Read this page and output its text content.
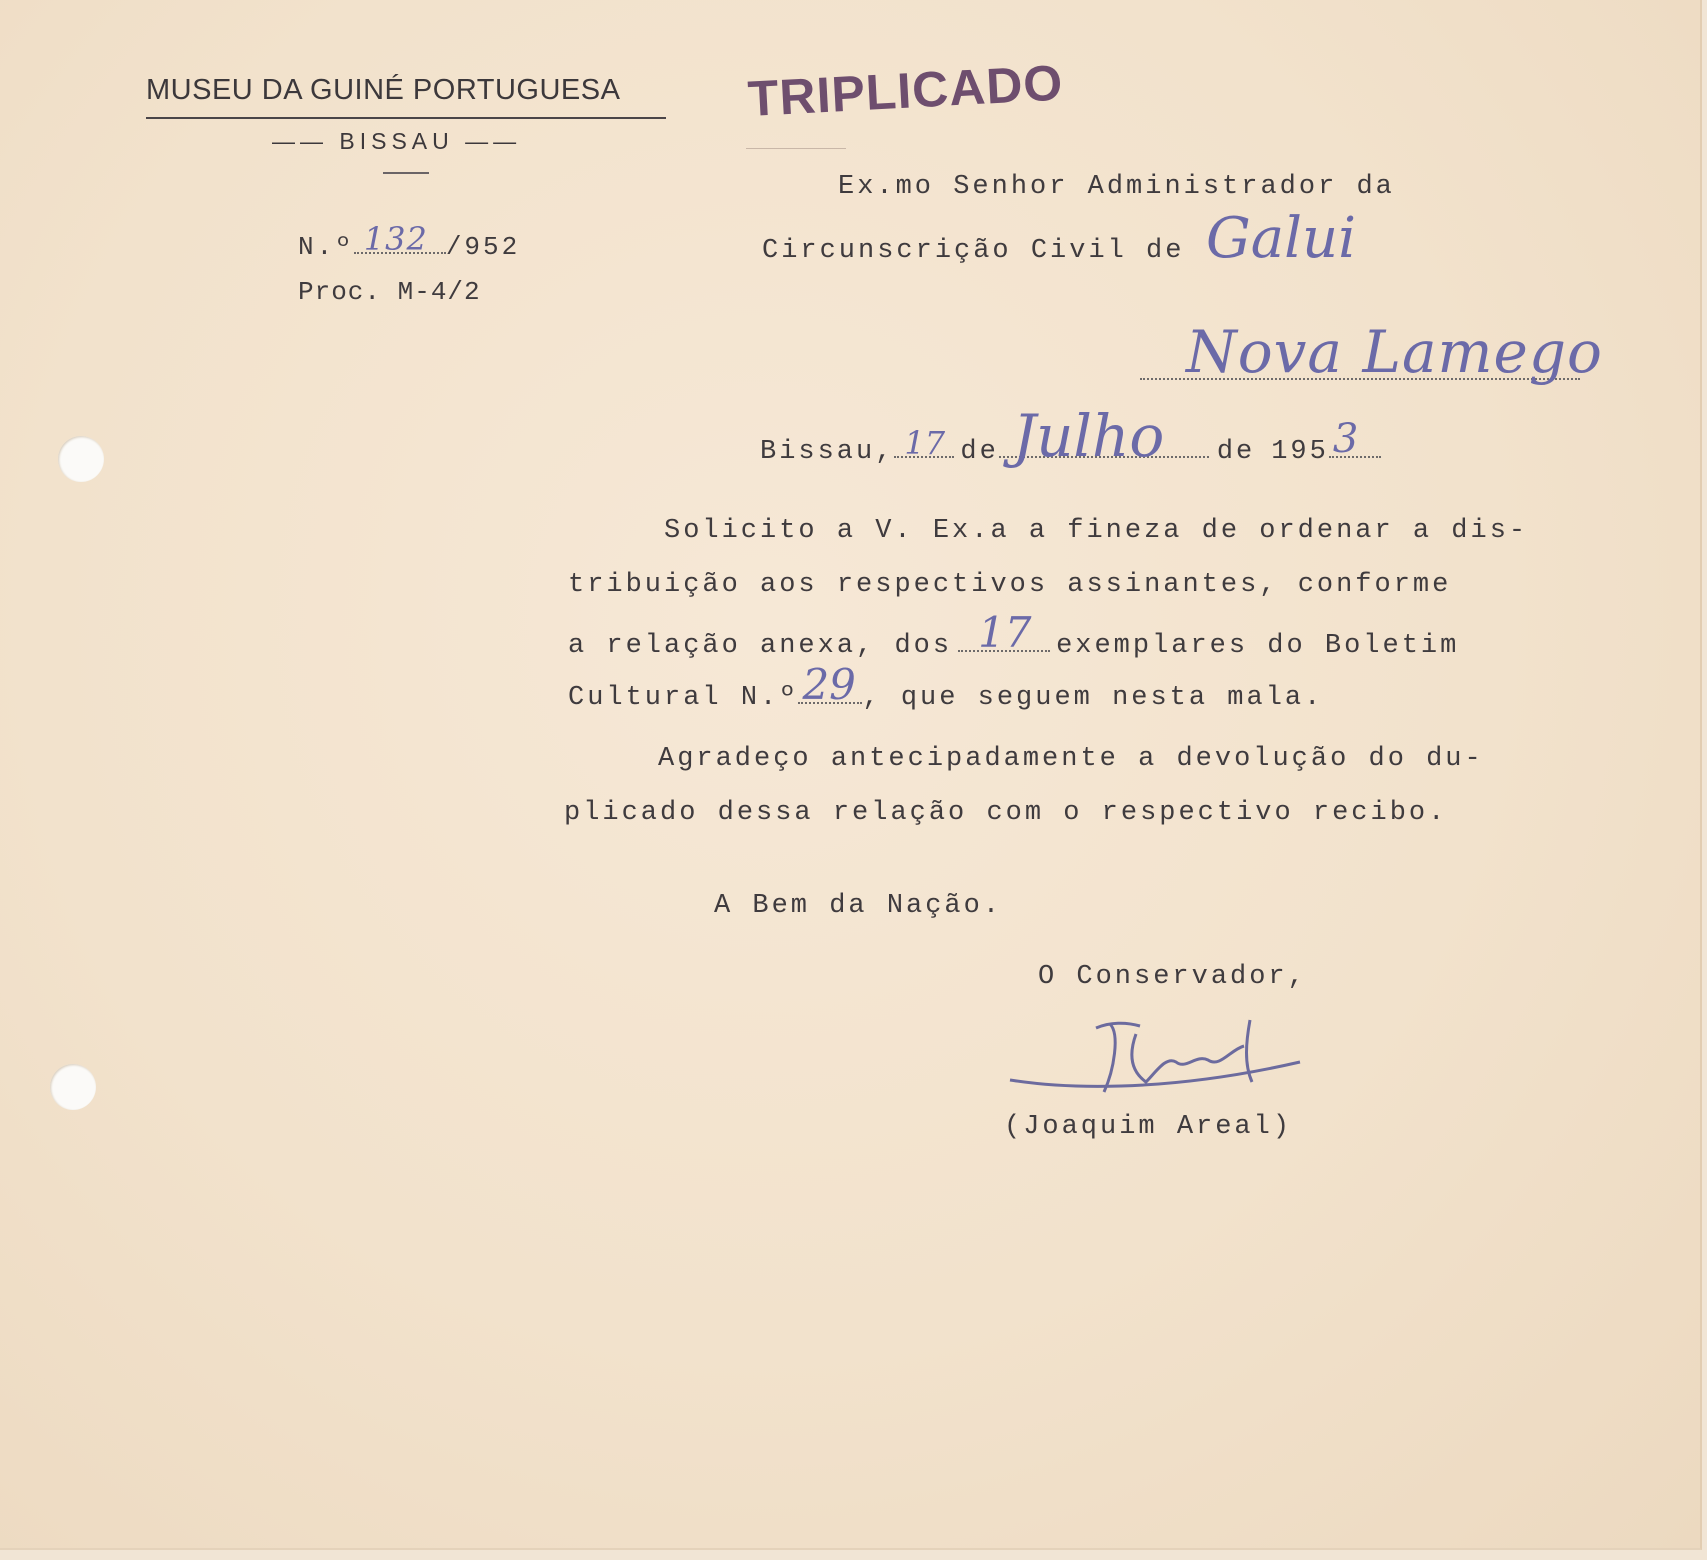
MUSEU DA GUINÉ PORTUGUESA
—— BISSAU ——
TRIPLICADO
N.º 132 /952
Proc. M-4/2
Ex.mo Senhor Administrador da
Circunscrição Civil de Galui
Nova Lamego
Bissau, 17 de Julho de 195 3
Solicito a V. Ex.a a fineza de ordenar a dis-
tribuição aos respectivos assinantes, conforme
a relação anexa, dos 17 exemplares do Boletim
Cultural N.º 29 , que seguem nesta mala.
Agradeço antecipadamente a devolução do du-
plicado dessa relação com o respectivo recibo.
A Bem da Nação.
O Conservador,
(Joaquim Areal)
